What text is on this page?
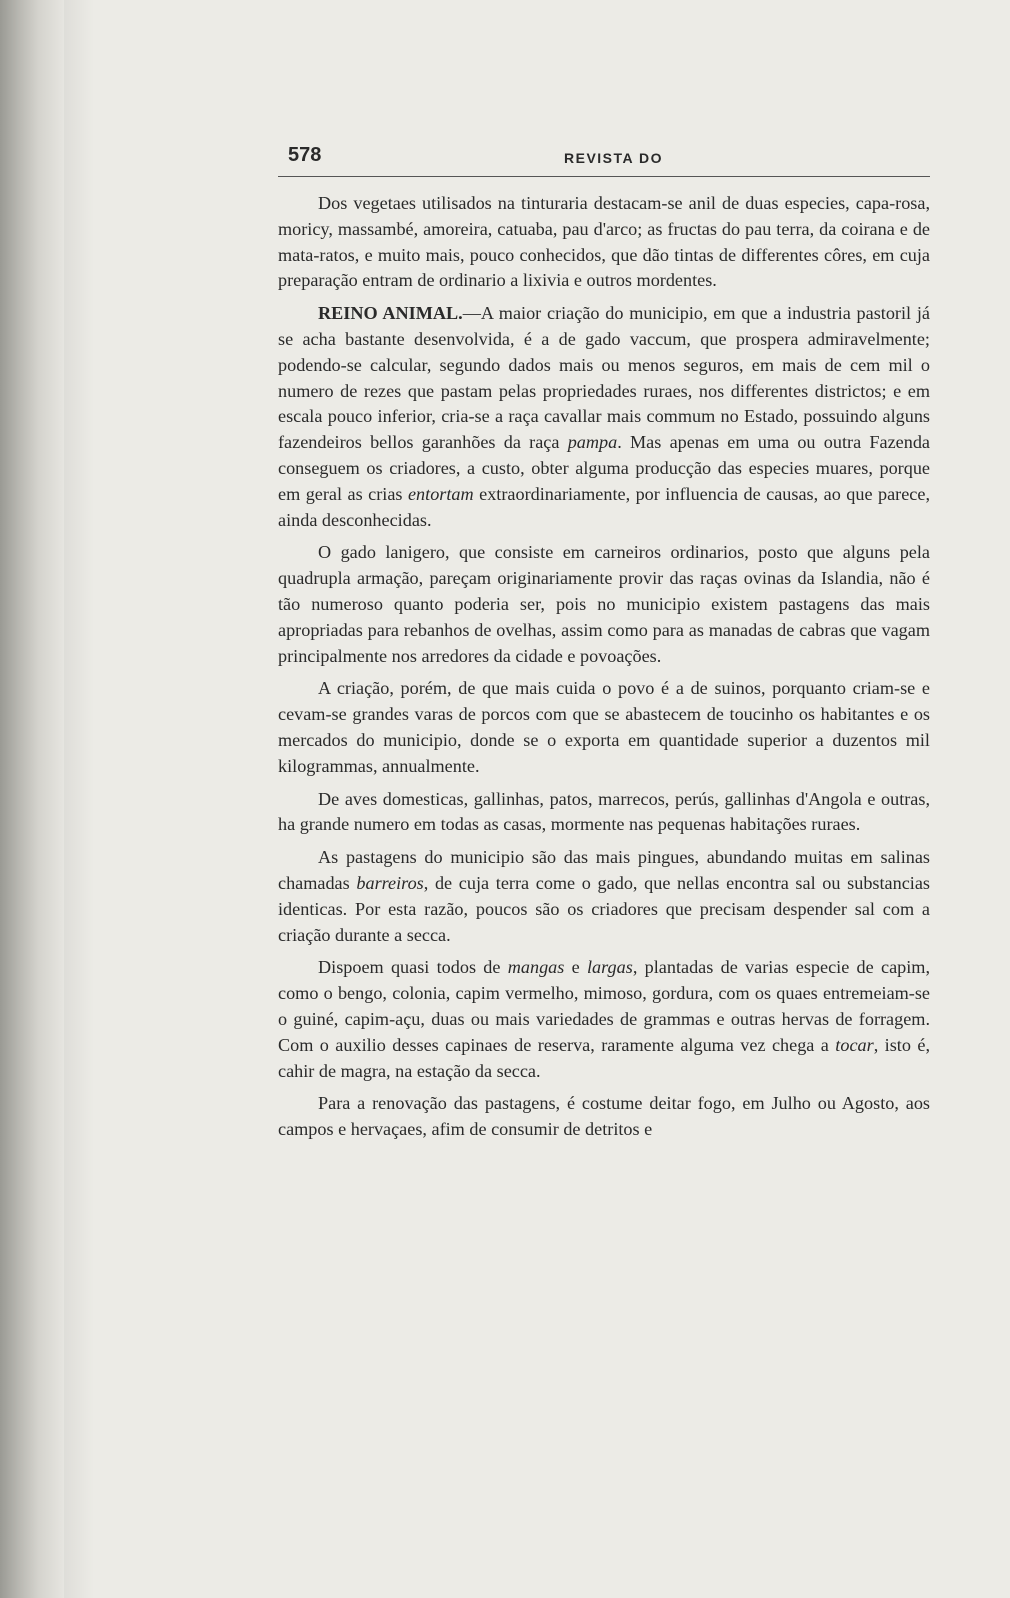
578	REVISTA DO

Dos vegetaes utilisados na tinturaria destacam-se anil de duas especies, capa-rosa, moricy, massambé, amoreira, catuaba, pau d'arco; as fructas do pau terra, da coirana e de mata-ratos, e muito mais, pouco conhecidos, que dão tintas de differentes côres, em cuja preparação entram de ordinario a lixivia e outros mordentes.

REINO ANIMAL.—A maior criação do municipio, em que a industria pastoril já se acha bastante desenvolvida, é a de gado vaccum, que prospera admiravelmente; podendo-se calcular, segundo dados mais ou menos seguros, em mais de cem mil o numero de rezes que pastam pelas propriedades ruraes, nos differentes districtos; e em escala pouco inferior, cria-se a raça cavallar mais commum no Estado, possuindo alguns fazendeiros bellos garanhões da raça pampa. Mas apenas em uma ou outra Fazenda conseguem os criadores, a custo, obter alguma producção das especies muares, porque em geral as crias entortam extraordinariamente, por influencia de causas, ao que parece, ainda desconhecidas.

O gado lanigero, que consiste em carneiros ordinarios, posto que alguns pela quadrupla armação, pareçam originariamente provir das raças ovinas da Islandia, não é tão numeroso quanto poderia ser, pois no municipio existem pastagens das mais apropriadas para rebanhos de ovelhas, assim como para as manadas de cabras que vagam principalmente nos arredores da cidade e povoações.

A criação, porém, de que mais cuida o povo é a de suinos, porquanto criam-se e cevam-se grandes varas de porcos com que se abastecem de toucinho os habitantes e os mercados do municipio, donde se o exporta em quantidade superior a duzentos mil kilogrammas, annualmente.

De aves domesticas, gallinhas, patos, marrecos, perús, gallinhas d'Angola e outras, ha grande numero em todas as casas, mormente nas pequenas habitações ruraes.

As pastagens do municipio são das mais pingues, abundando muitas em salinas chamadas barreiros, de cuja terra come o gado, que nellas encontra sal ou substancias identicas. Por esta razão, poucos são os criadores que precisam despender sal com a criação durante a secca.

Dispoem quasi todos de mangas e largas, plantadas de varias especie de capim, como o bengo, colonia, capim vermelho, mimoso, gordura, com os quaes entremeiam-se o guiné, capim-açu, duas ou mais variedades de grammas e outras hervas de forragem. Com o auxilio desses capinaes de reserva, raramente alguma vez chega a tocar, isto é, cahir de magra, na estação da secca.

Para a renovação das pastagens, é costume deitar fogo, em Julho ou Agosto, aos campos e hervaçaes, afim de consumir de detritos e
